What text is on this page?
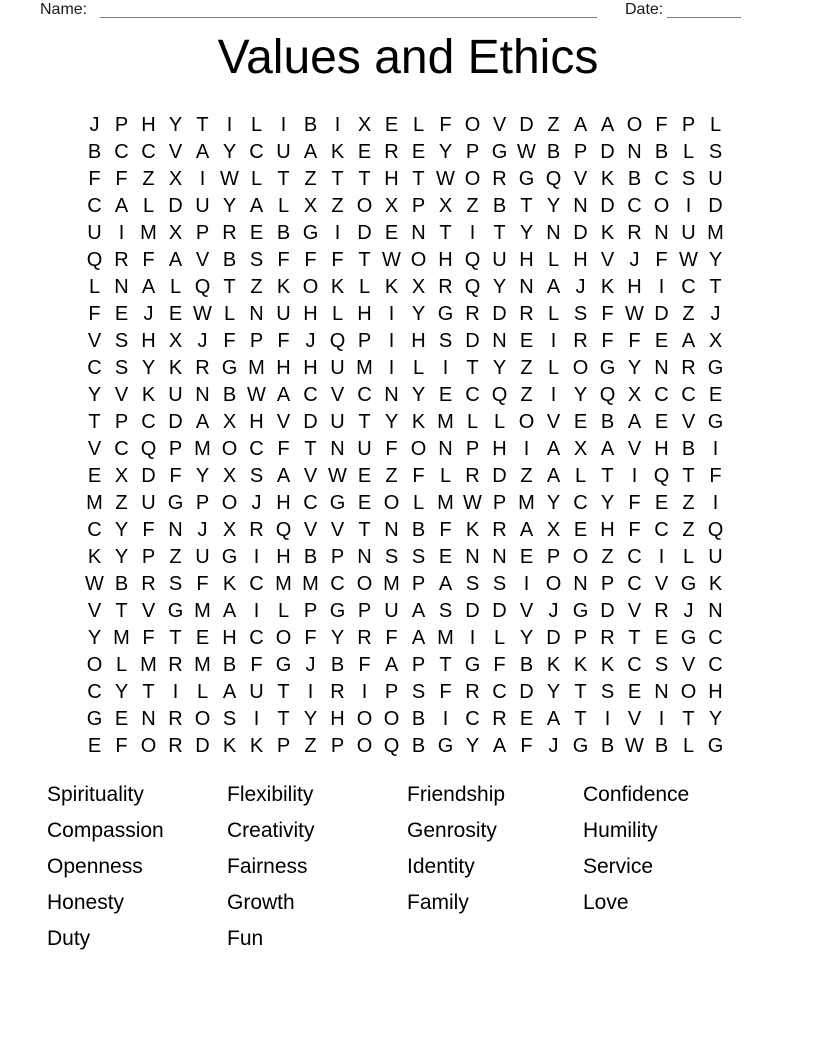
Name:	Date:
Values and Ethics
J P H Y T I L I B I X E L F O V D Z A A O F P L
B C C V A Y C U A K E R E Y P G W B P D N B L S
F F Z X I W L T Z T T H T W O R G Q V K B C S U
C A L D U Y A L X Z O X P X Z B T Y N D C O I D
U I M X P R E B G I D E N T I T Y N D K R N U M
Q R F A V B S F F F T W O H Q U H L H V J F W Y
L N A L Q T Z K O K L K X R Q Y N A J K H I C T
F E J E W L N U H L H I Y G R D R L S F W D Z J
V S H X J F P F J Q P I H S D N E I R F F E A X
C S Y K R G M H H U M I L I T Y Z L O G Y N R G
Y V K U N B W A C V C N Y E C Q Z I Y Q X C C E
T P C D A X H V D U T Y K M L L O V E B A E V G
V C Q P M O C F T N U F O N P H I A X A V H B I
E X D F Y X S A V W E Z F L R D Z A L T I Q T F
M Z U G P O J H C G E O L M W P M Y C Y F E Z I
C Y F N J X R Q V V T N B F K R A X E H F C Z Q
K Y P Z U G I H B P N S S E N N E P O Z C I L U
W B R S F K C M M C O M P A S S I O N P C V G K
V T V G M A I L P G P U A S D D V J G D V R J N
Y M F T E H C O F Y R F A M I L Y D P R T E G C
O L M R M B F G J B F A P T G F B K K K C S V C
C Y T I L A U T I R I P S F R C D Y T S E N O H
G E N R O S I T Y H O O B I C R E A T I V I T Y
E F O R D K K P Z P O Q B G Y A F J G B W B L G
Spirituality
Compassion
Openness
Honesty
Duty
Flexibility
Creativity
Fairness
Growth
Fun
Friendship
Genrosity
Identity
Family
Confidence
Humility
Service
Love
